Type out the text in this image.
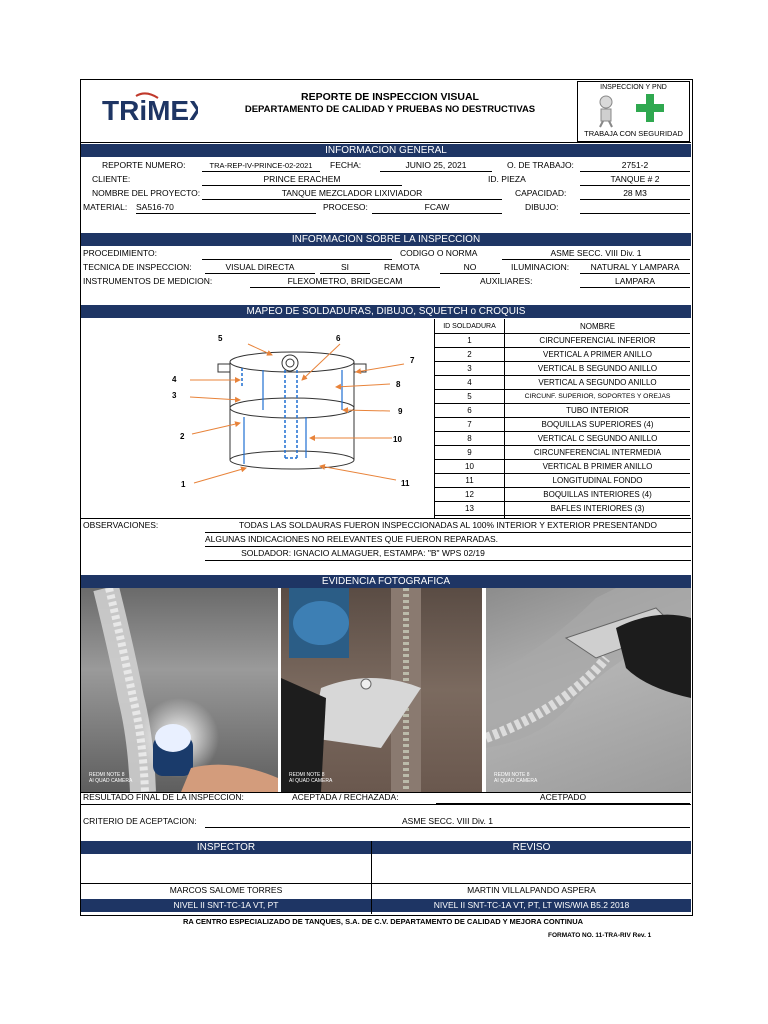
TRiMEX	REPORTE DE INSPECCION VISUAL
DEPARTAMENTO DE CALIDAD Y PRUEBAS NO DESTRUCTIVAS
INSPECCION Y PND
TRABAJA CON SEGURIDAD
INFORMACION GENERAL
REPORTE NUMERO:	TRA-REP-IV-PRINCE-02-2021	FECHA:	JUNIO 25, 2021	O. DE TRABAJO:	2751-2
CLIENTE:	PRINCE ERACHEM	ID. PIEZA	TANQUE # 2
NOMBRE DEL PROYECTO:	TANQUE MEZCLADOR LIXIVIADOR	CAPACIDAD:	28 M3
MATERIAL: SA516-70	PROCESO:	FCAW	DIBUJO:
INFORMACION SOBRE LA INSPECCION
PROCEDIMIENTO:	CODIGO O NORMA	ASME SECC. VIII Div. 1
TECNICA DE INSPECCION:	VISUAL DIRECTA	SI	REMOTA	NO	ILUMINACION:	NATURAL Y LAMPARA
INSTRUMENTOS DE MEDICION:	FLEXOMETRO, BRIDGECAM	AUXILIARES:	LAMPARA
MAPEO DE SOLDADURAS, DIBUJO, SQUETCH o CROQUIS
5	6
7
4
3
8
9
2	10
1	11
ID SOLDADURA	NOMBRE
1	CIRCUNFERENCIAL INFERIOR
2	VERTICAL A PRIMER ANILLO
3	VERTICAL B SEGUNDO ANILLO
4	VERTICAL A SEGUNDO ANILLO
5	CIRCUNF. SUPERIOR, SOPORTES Y OREJAS
6	TUBO INTERIOR
7	BOQUILLAS SUPERIORES (4)
8	VERTICAL C SEGUNDO ANILLO
9	CIRCUNFERENCIAL INTERMEDIA
10	VERTICAL B PRIMER ANILLO
11	LONGITUDINAL FONDO
12	BOQUILLAS INTERIORES (4)
13	BAFLES INTERIORES (3)
OBSERVACIONES:	TODAS LAS SOLDAURAS FUERON INSPECCIONADAS AL 100% INTERIOR Y EXTERIOR PRESENTANDO
ALGUNAS INDICACIONES NO RELEVANTES QUE FUERON REPARADAS.
SOLDADOR: IGNACIO ALMAGUER, ESTAMPA: "B" WPS 02/19
EVIDENCIA FOTOGRAFICA
REDMI NOTE 8
AI QUAD CAMERA
REDMI NOTE 8
AI QUAD CAMERA
REDMI NOTE 8
AI QUAD CAMERA
RESULTADO FINAL DE LA INSPECCION:	ACEPTADA / RECHAZADA:	ACETPADO
CRITERIO DE ACEPTACION:	ASME SECC. VIII Div. 1
INSPECTOR	REVISO
MARCOS SALOME TORRES	MARTIN VILLALPANDO ASPERA
NIVEL II SNT-TC-1A VT, PT	NIVEL II SNT-TC-1A VT, PT, LT WIS/WIA B5.2 2018
RA CENTRO ESPECIALIZADO DE TANQUES, S.A. DE C.V. DEPARTAMENTO DE CALIDAD Y MEJORA CONTINUA
FORMATO NO. 11-TRA-RIV Rev. 1
